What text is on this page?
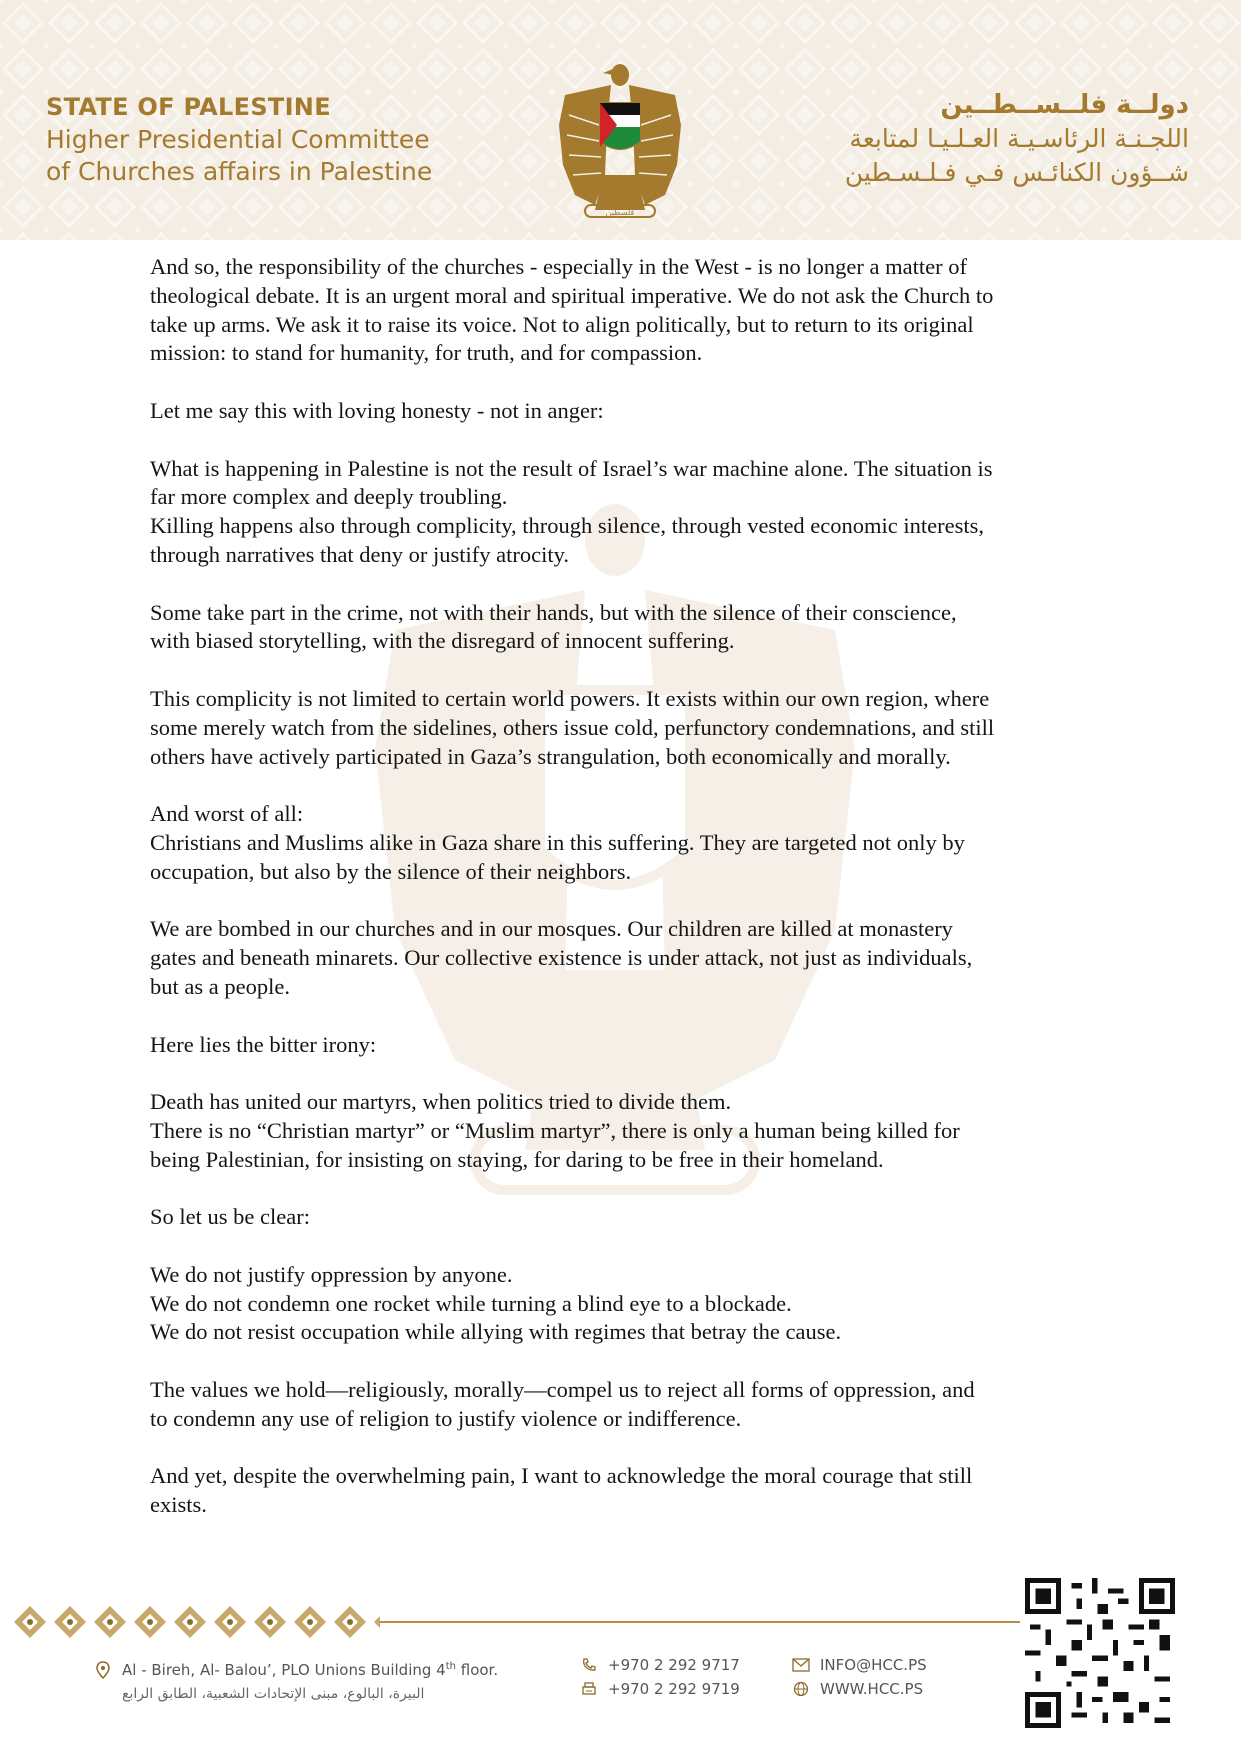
STATE OF PALESTINE
Higher Presidential Committee
of Churches affairs in Palestine
فلسطين
دولــة فلــســطــين
اللجـنـة الرئاسـيـة العـلـيـا لمتابعة
شــؤون الكنائـس فـي فـلـسـطين

And so, the responsibility of the churches - especially in the West - is no longer a matter of
theological debate. It is an urgent moral and spiritual imperative. We do not ask the Church to
take up arms. We ask it to raise its voice. Not to align politically, but to return to its original
mission: to stand for humanity, for truth, and for compassion.

Let me say this with loving honesty - not in anger:

What is happening in Palestine is not the result of Israel’s war machine alone. The situation is
far more complex and deeply troubling.
Killing happens also through complicity, through silence, through vested economic interests,
through narratives that deny or justify atrocity.

Some take part in the crime, not with their hands, but with the silence of their conscience,
with biased storytelling, with the disregard of innocent suffering.

This complicity is not limited to certain world powers. It exists within our own region, where
some merely watch from the sidelines, others issue cold, perfunctory condemnations, and still
others have actively participated in Gaza’s strangulation, both economically and morally.

And worst of all:
Christians and Muslims alike in Gaza share in this suffering. They are targeted not only by
occupation, but also by the silence of their neighbors.

We are bombed in our churches and in our mosques. Our children are killed at monastery
gates and beneath minarets. Our collective existence is under attack, not just as individuals,
but as a people.

Here lies the bitter irony:

Death has united our martyrs, when politics tried to divide them.
There is no “Christian martyr” or “Muslim martyr”, there is only a human being killed for
being Palestinian, for insisting on staying, for daring to be free in their homeland.

So let us be clear:

We do not justify oppression by anyone.
We do not condemn one rocket while turning a blind eye to a blockade.
We do not resist occupation while allying with regimes that betray the cause.

The values we hold—religiously, morally—compel us to reject all forms of oppression, and
to condemn any use of religion to justify violence or indifference.

And yet, despite the overwhelming pain, I want to acknowledge the moral courage that still
exists.

Al - Bireh, Al- Balou’, PLO Unions Building 4th floor.
البيرة، البالوع، مبنى الإتحادات الشعبية، الطابق الرابع
+970 2 292 9717
+970 2 292 9719
INFO@HCC.PS
WWW.HCC.PS
